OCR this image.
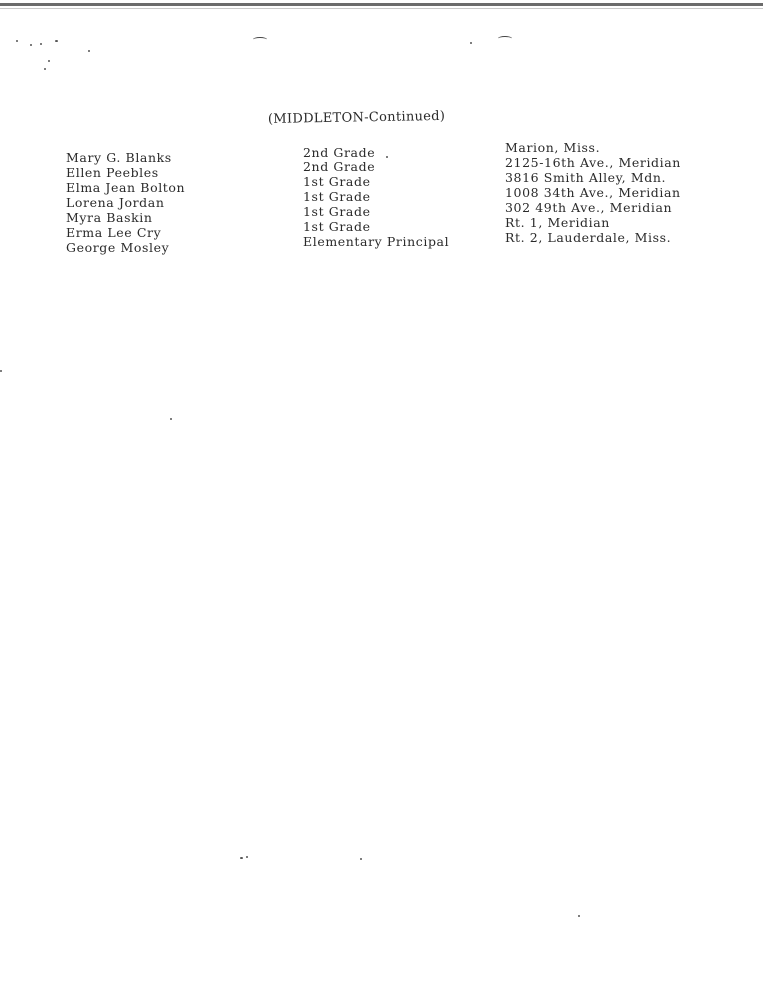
(MIDDLETON-Continued)
Mary G. Blanks
Ellen Peebles
Elma Jean Bolton
Lorena Jordan
Myra Baskin
Erma Lee Cry
George Mosley
2nd Grade
2nd Grade
1st Grade
1st Grade
1st Grade
1st Grade
Elementary Principal
Marion, Miss.
2125-16th Ave., Meridian
3816 Smith Alley, Mdn.
1008 34th Ave., Meridian
302 49th Ave., Meridian
Rt. 1, Meridian
Rt. 2, Lauderdale, Miss.
